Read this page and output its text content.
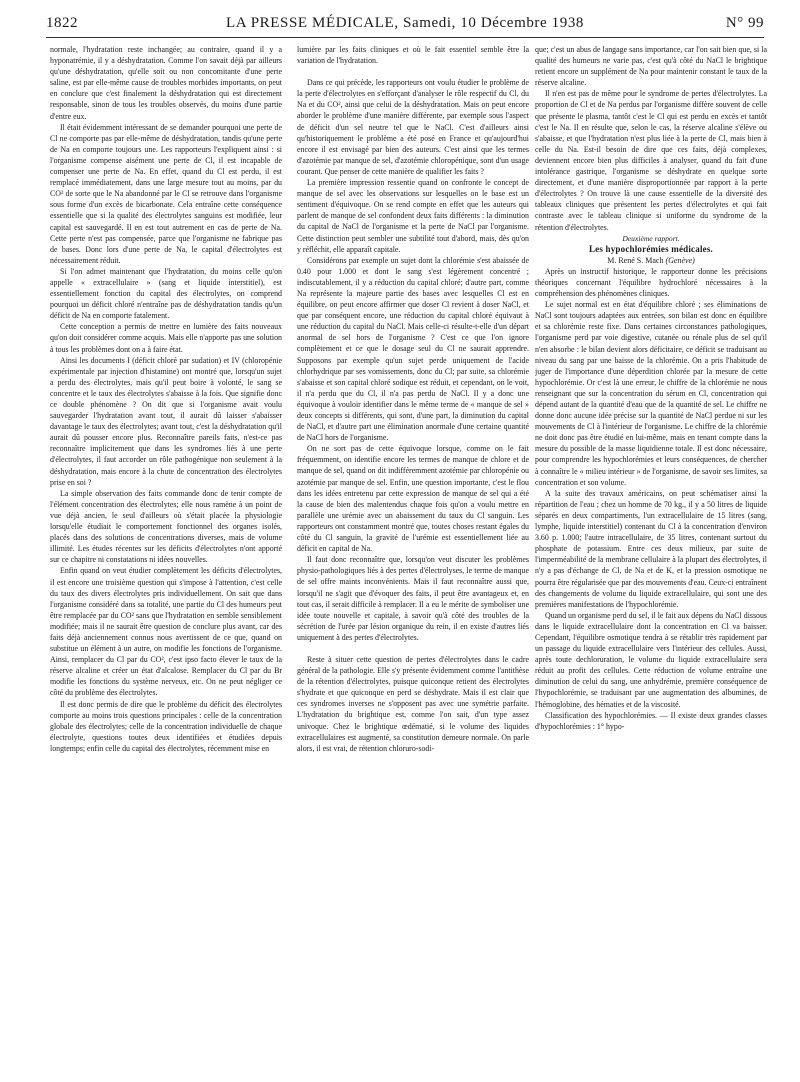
1822	LA PRESSE MÉDICALE, Samedi, 10 Décembre 1938	N° 99

normale, l'hydratation reste inchangée; au contraire, quand il y a hyponatrémie, il y a déshydratation. Comme l'on savait déjà par ailleurs qu'une déshydratation, qu'elle soit ou non concomitante d'une perte saline, est par elle-même cause de troubles morbides importants, on peut en conclure que c'est finalement la déshydratation qui est directement responsable, sinon de tous les troubles observés, du moins d'une partie d'entre eux.

Il était évidemment intéressant de se demander pourquoi une perte de Cl ne comporte pas par elle-même de déshydratation, tandis qu'une perte de Na en comporte toujours une. Les rapporteurs l'expliquent ainsi : si l'organisme compense aisément une perte de Cl, il est incapable de compenser une perte de Na. En effet, quand du Cl est perdu, il est remplacé immédiatement, dans une large mesure tout au moins, par du CO² de sorte que le Na abandonné par le Cl se retrouve dans l'organisme sous forme d'un excès de bicarbonate. Cela entraîne cette conséquence essentielle que si la qualité des électrolytes sanguins est modifiée, leur capital est sauvegardé. Il en est tout autrement en cas de perte de Na. Cette perte n'est pas compensée, parce que l'organisme ne fabrique pas de bases. Donc lors d'une perte de Na, le capital d'électrolytes est nécessairement réduit.

Si l'on admet maintenant que l'hydratation, du moins celle qu'on appelle « extracellulaire » (sang et liquide interstitiel), est essentiellement fonction du capital des électrolytes, on comprend pourquoi un déficit chloré n'entraîne pas de déshydratation tandis qu'un déficit de Na en comporte fatalement.

Cette conception a permis de mettre en lumière des faits nouveaux qu'on doit considérer comme acquis. Mais elle n'apporte pas une solution à tous les problèmes dont on a à faire état.

Ainsi les documents I (déficit chloré par sudation) et IV (chloropénie expérimentale par injection d'histamine) ont montré que, lorsqu'un sujet a perdu des électrolytes, mais qu'il peut boire à volonté, le sang se concentre et le taux des électrolytes s'abaisse à la fois. Que signifie donc ce double phénomène ? On dit que si l'organisme avait voulu sauvegarder l'hydratation avant tout, il aurait dû laisser s'abaisser davantage le taux des électrolytes; avant tout, c'est la déshydratation qu'il aurait dû pousser encore plus. Reconnaître pareils faits, n'est-ce pas reconnaître implicitement que dans les syndromes liés à une perte d'électrolytes, il faut accorder un rôle pathogénique non seulement à la déshydratation, mais encore à la chute de concentration des électrolytes prise en soi ?

La simple observation des faits commande donc de tenir compte de l'élément concentration des électrolytes; elle nous ramène à un point de vue déjà ancien, le seul d'ailleurs où s'était placée la physiologie lorsqu'elle étudiait le comportement fonctionnel des organes isolés, placés dans des solutions de concentrations diverses, mais de volume illimité. Les études récentes sur les déficits d'électrolytes n'ont apporté sur ce chapitre ni constatations ni idées nouvelles.

Enfin quand on veut étudier complètement les déficits d'électrolytes, il est encore une troisième question qui s'impose à l'attention, c'est celle du taux des divers électrolytes pris individuellement. On sait que dans l'organisme considéré dans sa totalité, une partie du Cl des humeurs peut être remplacée par du CO² sans que l'hydratation en semble sensiblement modifiée; mais il ne saurait être question de conclure plus avant, car des faits déjà anciennement connus nous avertissent de ce que, quand on substitue un élément à un autre, on modifie les fonctions de l'organisme. Ainsi, remplacer du Cl par du CO², c'est ipso facto élever le taux de la réserve alcaline et créer un état d'alcalose. Remplacer du Cl par du Br modifie les fonctions du système nerveux, etc. On ne peut négliger ce côté du problème des électrolytes.

Il est donc permis de dire que le problème du déficit des électrolytes comporte au moins trois questions principales : celle de la concentration globale des électrolytes; celle de la concentration individuelle de chaque électrolyte, questions toutes deux identifiées et étudiées depuis longtemps; enfin celle du capital des électrolytes, récemment mise en

lumière par les faits cliniques et où le fait essentiel semble être la variation de l'hydratation.

Dans ce qui précède, les rapporteurs ont voulu étudier le problème de la perte d'électrolytes en s'efforçant d'analyser le rôle respectif du Cl, du Na et du CO², ainsi que celui de la déshydratation. Mais on peut encore aborder le problème d'une manière différente, par exemple sous l'aspect de déficit d'un sel neutre tel que le NaCl. C'est d'ailleurs ainsi qu'historiquement le problème a été posé en France et qu'aujourd'hui encore il est envisagé par bien des auteurs. C'est ainsi que les termes d'azotémie par manque de sel, d'azotémie chloropénique, sont d'un usage courant. Que penser de cette manière de qualifier les faits ?

La première impression ressentie quand on confronte le concept de manque de sel avec les observations sur lesquelles on le base est un sentiment d'équivoque. On se rend compte en effet que les auteurs qui parlent de manque de sel confondent deux faits différents : la diminution du capital de NaCl de l'organisme et la perte de NaCl par l'organisme. Cette distinction peut sembler une subtilité tout d'abord, mais, dès qu'on y réfléchit, elle apparaît capitale.

Considérons par exemple un sujet dont la chlorémie s'est abaissée de 0.40 pour 1.000 et dont le sang s'est légèrement concentré ; indiscutablement, il y a réduction du capital chloré; d'autre part, comme Na représente la majeure partie des bases avec lesquelles Cl est en équilibre, on peut encore affirmer que doser Cl revient à doser NaCl, et que par conséquent encore, une réduction du capital chloré équivaut à une réduction du capital du NaCl. Mais celle-ci résulte-t-elle d'un départ anormal de sel hors de l'organisme ? C'est ce que l'on ignore complètement et ce que le dosage seul du Cl ne saurait apprendre. Supposons par exemple qu'un sujet perde uniquement de l'acide chlorhydrique par ses vomissements, donc du Cl; par suite, sa chlorémie s'abaisse et son capital chloré sodique est réduit, et cependant, on le voit, il n'a perdu que du Cl, il n'a pas perdu de NaCl. Il y a donc une équivoque à vouloir identifier dans le même terme de « manque de sel » deux concepts si différents, qui sont, d'une part, la diminution du capital de NaCl, et d'autre part une élimination anormale d'une certaine quantité de NaCl hors de l'organisme.

On ne sort pas de cette équivoque lorsque, comme on le fait fréquemment, on identifie encore les termes de manque de chlore et de manque de sel, quand on dit indifféremment azotémie par chloropénie ou azotémie par manque de sel. Enfin, une question importante, c'est le flou dans les idées entretenu par cette expression de manque de sel qui a été la cause de bien des malentendus chaque fois qu'on a voulu mettre en parallèle une urémie avec un abaissement du taux du Cl sanguin. Les rapporteurs ont constamment montré que, toutes choses restant égales du côté du Cl sanguin, la gravité de l'urémie est essentiellement liée au déficit en capital de Na.

Il faut donc reconnaître que, lorsqu'on veut discuter les problèmes physio-pathologiques liés à des pertes d'électrolyses, le terme de manque de sel offre maints inconvénients. Mais il faut reconnaître aussi que, lorsqu'il ne s'agit que d'évoquer des faits, il peut être avantageux et, en tout cas, il serait difficile à remplacer. Il a eu le mérite de symboliser une idée toute nouvelle et capitale, à savoir qu'à côté des troubles de la sécrétion de l'urée par lésion organique du rein, il en existe d'autres liés uniquement à des pertes d'électrolytes.

Reste à situer cette question de pertes d'électrolytes dans le cadre général de la pathologie. Elle s'y présente évidemment comme l'antithèse de la rétention d'électrolytes, puisque quiconque retient des électrolytes s'hydrate et que quiconque en perd se déshydrate. Mais il est clair que ces syndromes inverses ne s'opposent pas avec une symétrie parfaite. L'hydratation du brightique est, comme l'on sait, d'un type assez univoque. Chez le brightique œdématié, si le volume des liquides extracellulaires est augmenté, sa constitution demeure normale. On parle alors, il est vrai, de rétention chloruro-sodi-

que; c'est un abus de langage sans importance, car l'on sait bien que, si la qualité des humeurs ne varie pas, c'est qu'à côté du NaCl le brightique retient encore un supplément de Na pour maintenir constant le taux de la réserve alcaline.

Il n'en est pas de même pour le syndrome de pertes d'électrolytes. La proportion de Cl et de Na perdus par l'organisme diffère souvent de celle que présente le plasma, tantôt c'est le Cl qui est perdu en excès et tantôt c'est le Na. Il en résulte que, selon le cas, la réserve alcaline s'élève ou s'abaisse, et que l'hydratation n'est plus liée à la perte de Cl, mais bien à celle du Na. Est-il besoin de dire que ces faits, déjà complexes, deviennent encore bien plus difficiles à analyser, quand du fait d'une intolérance gastrique, l'organisme se déshydrate en quelque sorte directement, et d'une manière disproportionnée par rapport à la perte d'électrolytes ? On trouve là une cause essentielle de la diversité des tableaux cliniques que présentent les pertes d'électrolytes et qui fait contraste avec le tableau clinique si uniforme du syndrome de la rétention d'électrolytes.

Deuxième rapport.

Les hypochlorémies médicales.

M. René S. Mach (Genève)

Après un instructif historique, le rapporteur donne les précisions théoriques concernant l'équilibre hydrochloré nécessaires à la compréhension des phénomènes cliniques.

Le sujet normal est en état d'équilibre chloré ; ses éliminations de NaCl sont toujours adaptées aux entrées, son bilan est donc en équilibre et sa chlorémie reste fixe. Dans certaines circonstances pathologiques, l'organisme perd par voie digestive, cutanée ou rénale plus de sel qu'il n'en absorbe : le bilan devient alors déficitaire, ce déficit se traduisant au niveau du sang par une baisse de la chlorémie. On a pris l'habitude de juger de l'importance d'une déperdition chlorée par la mesure de cette hypochlorémie. Or c'est là une erreur, le chiffre de la chlorémie ne nous renseignant que sur la concentration du sérum en Cl, concentration qui dépend autant de la quantité d'eau que de la quantité de sel. Le chiffre ne donne donc aucune idée précise sur la quantité de NaCl perdue ni sur les mouvements de Cl à l'intérieur de l'organisme. Le chiffre de la chlorémie ne doit donc pas être étudié en lui-même, mais en tenant compte dans la mesure du possible de la masse liquidienne totale. Il est donc nécessaire, pour comprendre les hypochlorémies et leurs conséquences, de chercher à connaître le « milieu intérieur » de l'organisme, de savoir ses limites, sa concentration et son volume.

A la suite des travaux américains, on peut schématiser ainsi la répartition de l'eau ; chez un homme de 70 kg., il y a 50 litres de liquide séparés en deux compartiments, l'un extracellulaire de 15 litres (sang, lymphe, liquide interstitiel) contenant du Cl à la concentration d'environ 3.60 p. 1.000; l'autre intracellulaire, de 35 litres, contenant surtout du phosphate de potassium. Entre ces deux milieux, par suite de l'imperméabilité de la membrane cellulaire à la plupart des électrolytes, il n'y a pas d'échange de Cl, de Na et de K, et la pression osmotique ne pourra être régularisée que par des mouvements d'eau. Ceux-ci entraînent des changements de volume du liquide extracellulaire, qui sont une des premières manifestations de l'hypochlorémie.

Quand un organisme perd du sel, il le fait aux dépens du NaCl dissous dans le liquide extracellulaire dont la concentration en Cl va baisser. Cependant, l'équilibre osmotique tendra à se rétablir très rapidement par un passage du liquide extracellulaire vers l'intérieur des cellules. Aussi, après toute dechloruration, le volume du liquide extracellulaire sera réduit au profit des cellules. Cette réduction de volume entraîne une diminution de celui du sang, une anhydrémie, première conséquence de l'hypochlorémie, se traduisant par une augmentation des albumines, de l'hémoglobine, des hématies et de la viscosité.

Classification des hypochlorémies. — Il existe deux grandes classes d'hypochlorémies : 1° hypo-
